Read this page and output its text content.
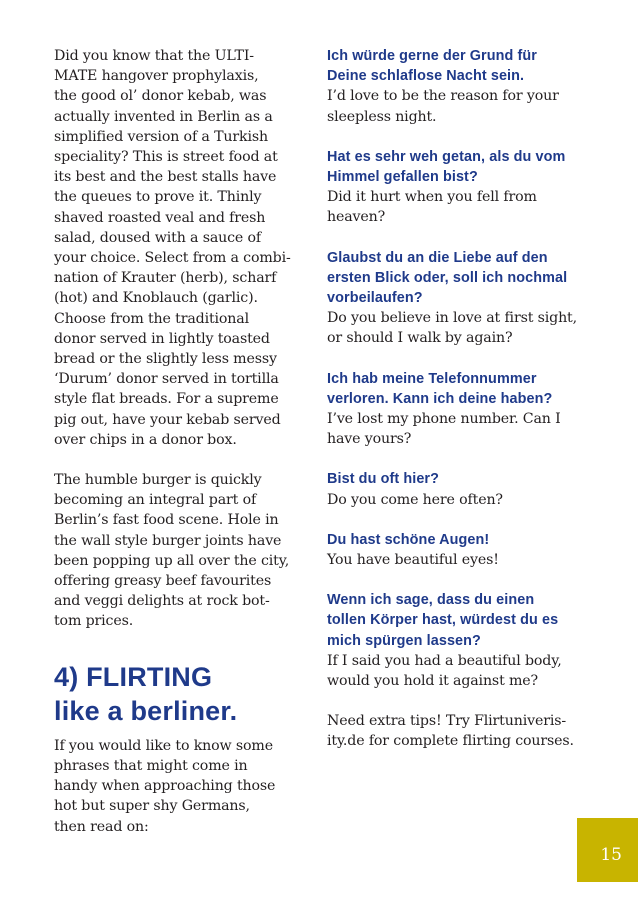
Did you know that the ULTI-
MATE hangover prophylaxis,
the good ol’ donor kebab, was
actually invented in Berlin as a
simplified version of a Turkish
speciality? This is street food at
its best and the best stalls have
the queues to prove it. Thinly
shaved roasted veal and fresh
salad, doused with a sauce of
your choice. Select from a combi-
nation of Krauter (herb), scharf
(hot) and Knoblauch (garlic).
Choose from the traditional
donor served in lightly toasted
bread or the slightly less messy
‘Durum’ donor served in tortilla
style flat breads. For a supreme
pig out, have your kebab served
over chips in a donor box.

The humble burger is quickly
becoming an integral part of
Berlin’s fast food scene. Hole in
the wall style burger joints have
been popping up all over the city,
offering greasy beef favourites
and veggi delights at rock bot-
tom prices.

4) FLIRTING
like a berliner.

If you would like to know some
phrases that might come in
handy when approaching those
hot but super shy Germans,
then read on:

Ich würde gerne der Grund für
Deine schlaflose Nacht sein.
I’d love to be the reason for your
sleepless night.
Hat es sehr weh getan, als du vom
Himmel gefallen bist?
Did it hurt when you fell from
heaven?
Glaubst du an die Liebe auf den
ersten Blick oder, soll ich nochmal
vorbeilaufen?
Do you believe in love at first sight,
or should I walk by again?
Ich hab meine Telefonnummer
verloren. Kann ich deine haben?
I’ve lost my phone number. Can I
have yours?
Bist du oft hier?
Do you come here often?
Du hast schöne Augen!
You have beautiful eyes!
Wenn ich sage, dass du einen
tollen Körper hast, würdest du es
mich spürgen lassen?
If I said you had a beautiful body,
would you hold it against me?

Need extra tips! Try Flirtuniveris-
ity.de for complete flirting courses.

15
